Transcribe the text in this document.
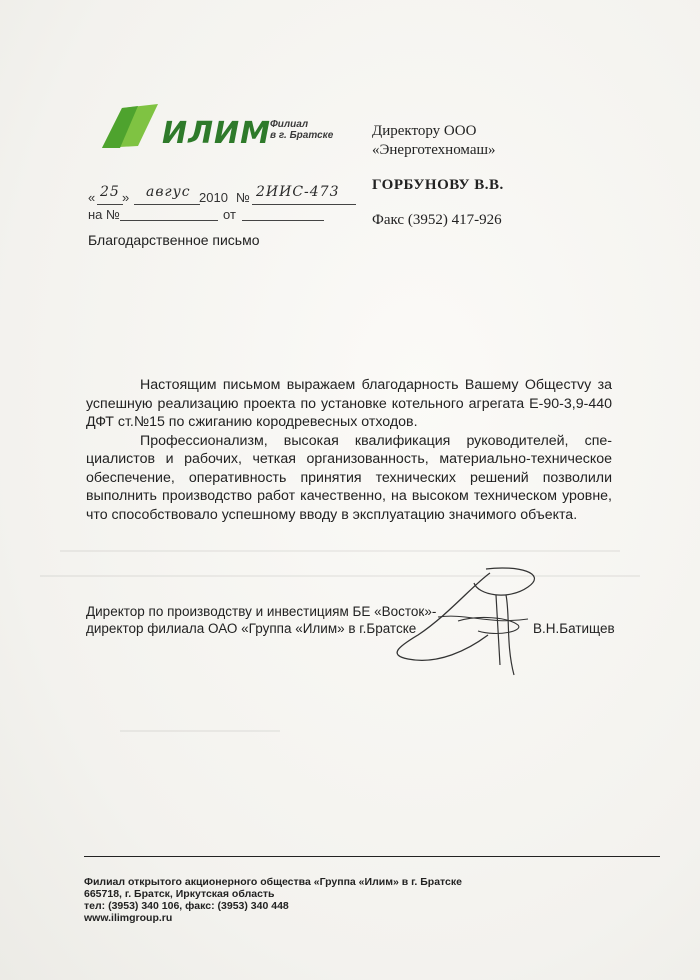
ИЛИМ Филиал
в г. Братске	Директору ООО
«Энерготехномаш»
ГОРБУНОВУ В.В.
Факс (3952) 417-926
« 25 » авгус 2010 № 2ИИС-473
на №	от
Благодарственное письмо

Настоящим письмом выражаем благодарность Вашему Общестvу за успешную реализацию проекта по установке котельного агрегата Е-90-3,9-440 ДФТ ст.№15 по сжиганию кородревесных отходов.

Профессионализм, высокая квалификация руководителей, специалистов и рабочих, четкая организованность, материально-техническое обеспечение, оперативность принятия технических решений позволили выполнить производство работ качественно, на высоком техническом уровне, что способствовало успешному вводу в эксплуатацию значимого объекта.

Директор по производству и инвестициям БЕ «Восток»-
директор филиала ОАО «Группа «Илим» в г.Братске	В.Н.Батищев
Филиал открытого акционерного общества «Группа «Илим» в г. Братске
665718, г. Братск, Иркутская область
тел: (3953) 340 106, факс: (3953) 340 448
www.ilimgroup.ru
